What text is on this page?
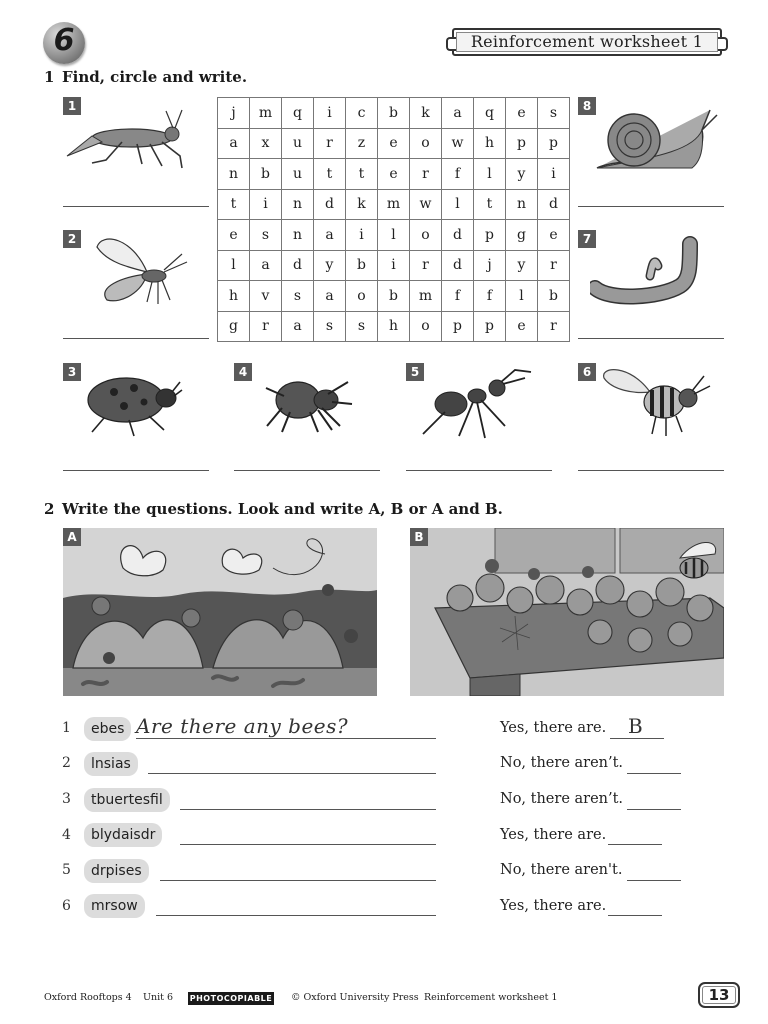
6	Reinforcement worksheet 1
1 Find, circle and write.
1
2
j	m	q	i	c	b	k	a	q	e	s
a	x	u	r	z	e	o	w	h	p	p
n	b	u	t	t	e	r	f	l	y	i
t	i	n	d	k	m	w	l	t	n	d
e	s	n	a	i	l	o	d	p	g	e
l	a	d	y	b	i	r	d	j	y	r
h	v	s	a	o	b	m	f	f	l	b
g	r	a	s	s	h	o	p	p	e	r
8
7
3	4	5	6
2 Write the questions. Look and write A, B or A and B.
A	B
1	ebes Are there any bees?	Yes, there are. B
2	lnsias	No, there aren’t.
3	tbuertesfil	No, there aren’t.
4	blydaisdr	Yes, there are.
5	drpises	No, there aren't.
6	mrsow	Yes, there are.
Oxford Rooftops 4 Unit 6 PHOTOCOPIABLE © Oxford University Press Reinforcement worksheet 1	13
